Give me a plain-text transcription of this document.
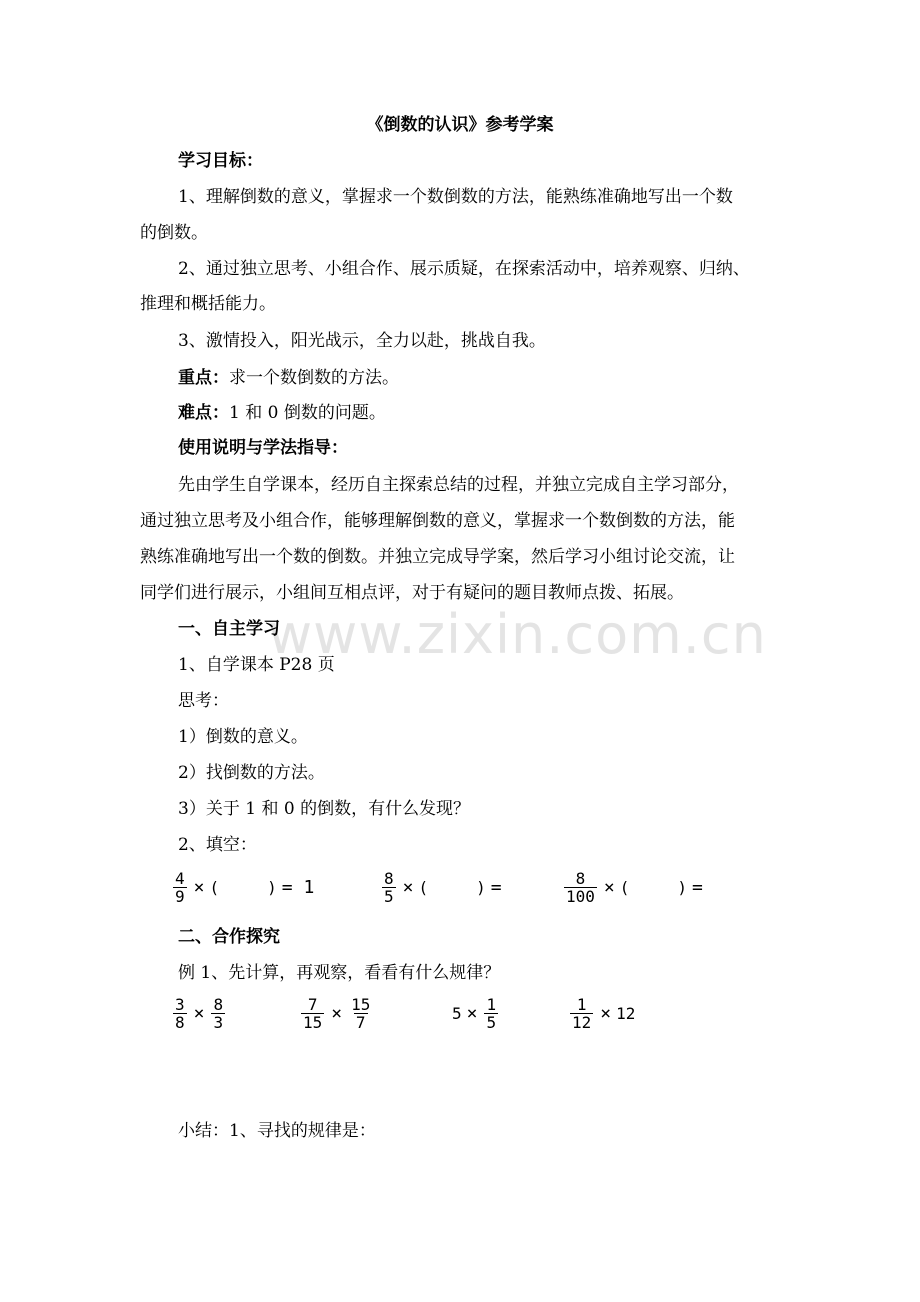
www.zixin.com.cn
《倒数的认识》参考学案
学习目标：
1、理解倒数的意义，掌握求一个数倒数的方法，能熟练准确地写出一个数
的倒数。
2、通过独立思考、小组合作、展示质疑，在探索活动中，培养观察、归纳、
推理和概括能力。
3、激情投入，阳光战示，全力以赴，挑战自我。
重点：求一个数倒数的方法。
难点：1 和 0 倒数的问题。
使用说明与学法指导：
先由学生自学课本，经历自主探索总结的过程，并独立完成自主学习部分，
通过独立思考及小组合作，能够理解倒数的意义，掌握求一个数倒数的方法，能
熟练准确地写出一个数的倒数。并独立完成导学案，然后学习小组讨论交流，让
同学们进行展示，小组间互相点评，对于有疑问的题目教师点拨、拓展。
一、自主学习
1、自学课本 P28 页
思考：
1）倒数的意义。
2）找倒数的方法。
3）关于 1 和 0 的倒数，有什么发现？
2、填空：
$\frac{4}{9}$ × (	) = 1	$\frac{8}{5}$ × (	) =	$\frac{8}{100}$ × (	) =
二、合作探究
例 1、先计算，再观察，看看有什么规律？
$\frac{3}{8} \times \frac{8}{3}$	$\frac{7}{15} \times \frac{15}{7}$	$5 \times \frac{1}{5}$	$\frac{1}{12} \times 12$
小结：1、寻找的规律是：
